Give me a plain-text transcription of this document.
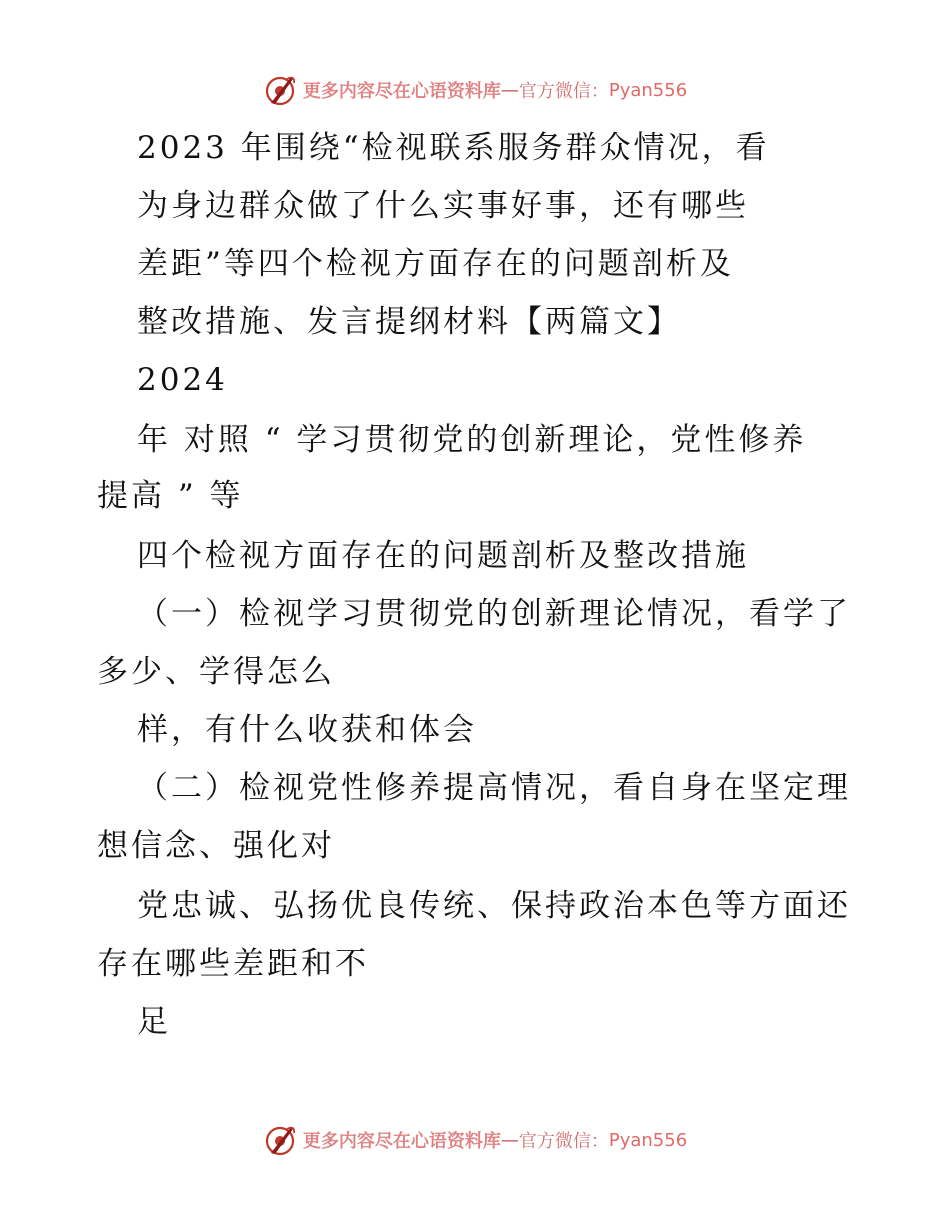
更多内容尽在心语资料库 — 官方微信： Pyan556
2023 年围绕“检视联系服务群众情况，看
为身边群众做了什么实事好事，还有哪些
差距”等四个检视方面存在的问题剖析及
整改措施、发言提纲材料【两篇文】
2024
年 对照 “ 学习贯彻党的创新理论，党性修养
提高 ” 等
四个检视方面存在的问题剖析及整改措施
（一）检视学习贯彻党的创新理论情况，看学了
多少、学得怎么
样，有什么收获和体会
（二）检视党性修养提高情况，看自身在坚定理
想信念、强化对
党忠诚、弘扬优良传统、保持政治本色等方面还
存在哪些差距和不
足
更多内容尽在心语资料库 — 官方微信： Pyan556
